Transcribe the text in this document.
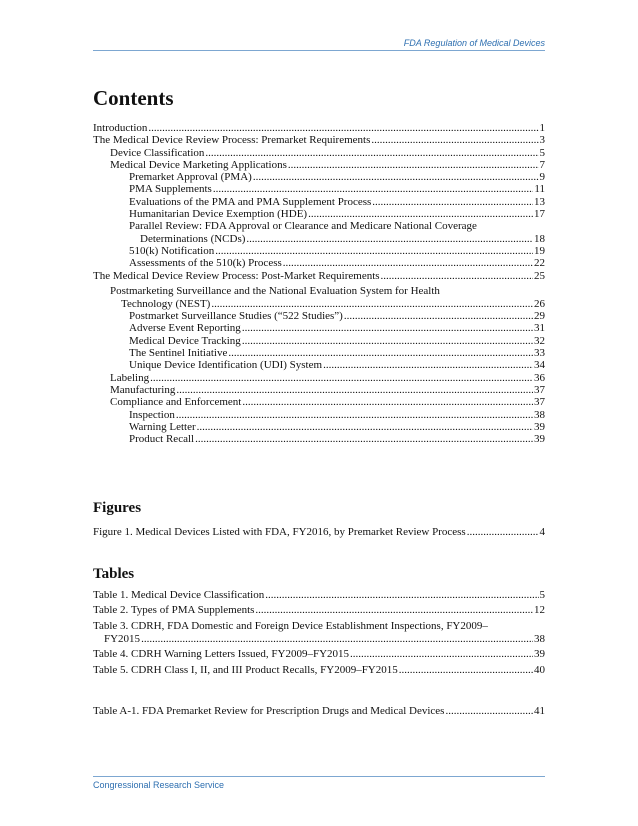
FDA Regulation of Medical Devices
Contents
Introduction .....	1
The Medical Device Review Process: Premarket Requirements .....	3
Device Classification .....	5
Medical Device Marketing Applications .....	7
Premarket Approval (PMA) .....	9
PMA Supplements .....	11
Evaluations of the PMA and PMA Supplement Process .....	13
Humanitarian Device Exemption (HDE) .....	17
Parallel Review: FDA Approval or Clearance and Medicare National Coverage
Determinations (NCDs) .....	18
510(k) Notification .....	19
Assessments of the 510(k) Process .....	22
The Medical Device Review Process: Post-Market Requirements .....	25
Postmarketing Surveillance and the National Evaluation System for Health
Technology (NEST) .....	26
Postmarket Surveillance Studies (“522 Studies”) .....	29
Adverse Event Reporting .....	31
Medical Device Tracking .....	32
The Sentinel Initiative .....	33
Unique Device Identification (UDI) System .....	34
Labeling .....	36
Manufacturing .....	37
Compliance and Enforcement .....	37
Inspection .....	38
Warning Letter .....	39
Product Recall .....	39
Figures
Figure 1. Medical Devices Listed with FDA, FY2016, by Premarket Review Process .....	4
Tables
Table 1. Medical Device Classification .....	5
Table 2. Types of PMA Supplements .....	12
Table 3. CDRH, FDA Domestic and Foreign Device Establishment Inspections, FY2009–
FY2015 .....	38
Table 4. CDRH Warning Letters Issued, FY2009–FY2015 .....	39
Table 5. CDRH Class I, II, and III Product Recalls, FY2009–FY2015 .....	40
Table A-1. FDA Premarket Review for Prescription Drugs and Medical Devices .....	41
Congressional Research Service
